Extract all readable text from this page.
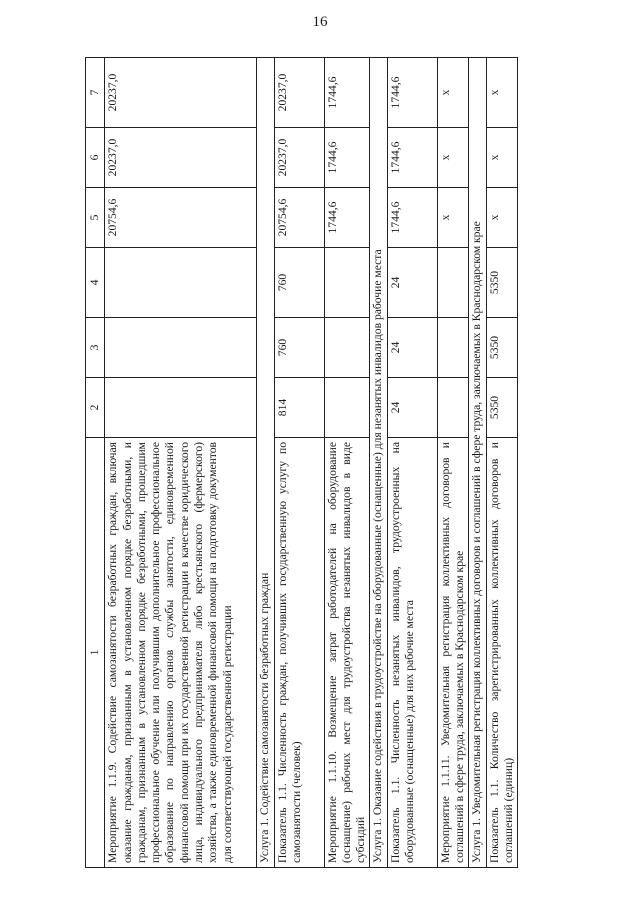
16
1	2	3	4	5	6	7
Мероприятие 1.1.9. Содействие самозанятости безработных граждан, включая оказание гражданам, признанным в установленном порядке безработными, и гражданам, признанным в установленном порядке безработными, прошедшим профессиональное обучение или получившим дополнительное профессиональное образование по направлению органов службы занятости, единовременной финансовой помощи при их государственной регистрации в качестве юридического лица, индивидуального предпринимателя либо крестьянского (фермерского) хозяйства, а также единовременной финансовой помощи на подготовку документов для соответствующей государственной регистрации				20754,6	20237,0	20237,0
Услуга 1. Содействие самозанятости безработных граждан						
Показатель 1.1. Численность граждан, получивших государственную услугу по самозанятости (человек)	814	760	760	20754,6	20237,0	20237,0
Мероприятие 1.1.10. Возмещение затрат работодателей на оборудование (оснащение) рабочих мест для трудоустройства незанятых инвалидов в виде субсидий				1744,6	1744,6	1744,6
Услуга 1. Оказание содействия в трудоустройстве на оборудованные (оснащенные) для незанятых инвалидов рабочие места						
Показатель 1.1. Численность незанятых инвалидов, трудоустроенных на оборудованные (оснащенные) для них рабочие места	24	24	24	1744,6	1744,6	1744,6
Мероприятие 1.1.11. Уведомительная регистрация коллективных договоров и соглашений в сфере труда, заключаемых в Краснодарском крае				х	х	х
Услуга 1. Уведомительная регистрация коллективных договоров и соглашений в сфере труда, заключаемых в Краснодарском крае						
Показатель 1.1. Количество зарегистрированных коллективных договоров и соглашений (единиц)	5350	5350	5350	х	х	х
